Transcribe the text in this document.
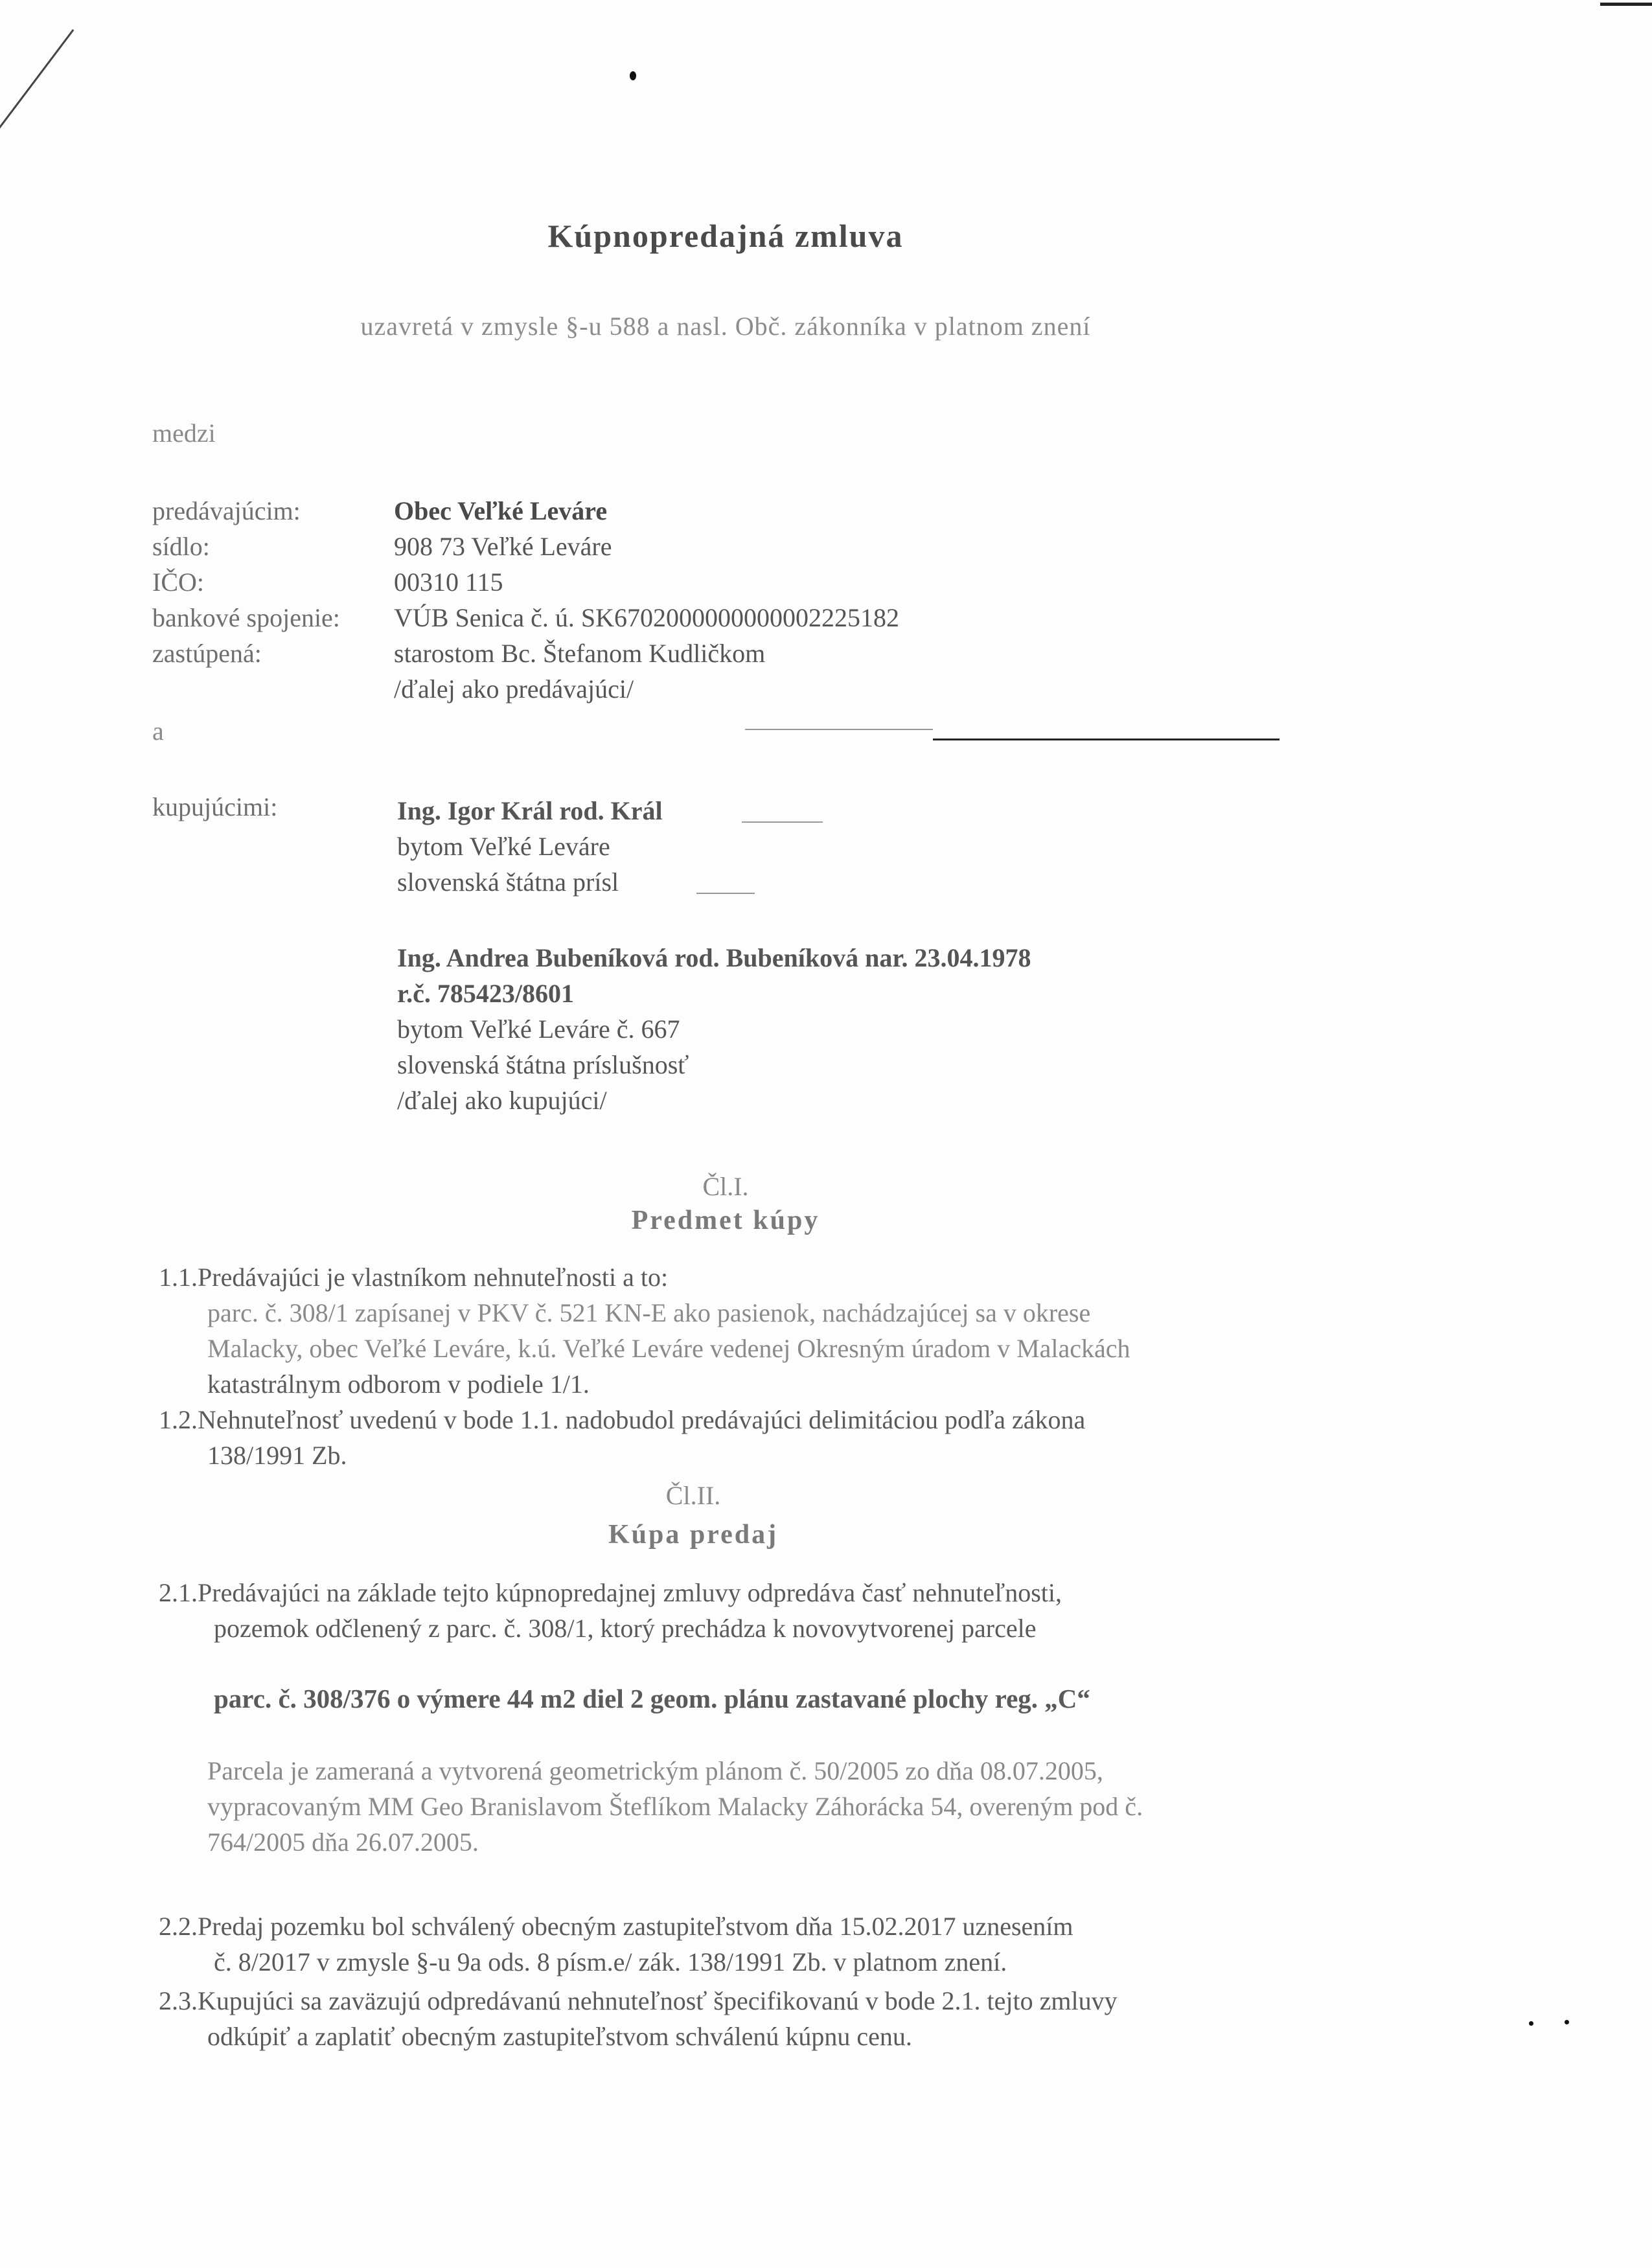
Kúpnopredajná zmluva
uzavretá v zmysle §-u 588 a nasl. Obč. zákonníka v platnom znení
medzi
predávajúcim:	Obec Veľké Leváre
sídlo:	908 73 Veľké Leváre
IČO:	00310 115
bankové spojenie: VÚB Senica č. ú. SK6702000000000002225182
zastúpená:	starostom Bc. Štefanom Kudličkom
/ďalej ako predávajúci/
a
kupujúcimi:	Ing. Igor Král rod. Král
bytom Veľké Leváre
slovenská štátna prísl
Ing. Andrea Bubeníková rod. Bubeníková nar. 23.04.1978
r.č. 785423/8601
bytom Veľké Leváre č. 667
slovenská štátna príslušnosť
/ďalej ako kupujúci/
Čl.I.
Predmet kúpy
1.1.Predávajúci je vlastníkom nehnuteľnosti a to:
parc. č. 308/1 zapísanej v PKV č. 521 KN-E ako pasienok, nachádzajúcej sa v okrese
Malacky, obec Veľké Leváre, k.ú. Veľké Leváre vedenej Okresným úradom v Malackách
katastrálnym odborom v podiele 1/1.
1.2.Nehnuteľnosť uvedenú v bode 1.1. nadobudol predávajúci delimitáciou podľa zákona
138/1991 Zb.
Čl.II.
Kúpa predaj
2.1.Predávajúci na základe tejto kúpnopredajnej zmluvy odpredáva časť nehnuteľnosti,
pozemok odčlenený z parc. č. 308/1, ktorý prechádza k novovytvorenej parcele
parc. č. 308/376 o výmere 44 m2 diel 2 geom. plánu zastavané plochy reg. „C“
Parcela je zameraná a vytvorená geometrickým plánom č. 50/2005 zo dňa 08.07.2005,
vypracovaným MM Geo Branislavom Šteflíkom Malacky Záhorácka 54, overeným pod č.
764/2005 dňa 26.07.2005.
2.2.Predaj pozemku bol schválený obecným zastupiteľstvom dňa 15.02.2017 uznesením
č. 8/2017 v zmysle §-u 9a ods. 8 písm.e/ zák. 138/1991 Zb. v platnom znení.
2.3.Kupujúci sa zaväzujú odpredávanú nehnuteľnosť špecifikovanú v bode 2.1. tejto zmluvy
odkúpiť a zaplatiť obecným zastupiteľstvom schválenú kúpnu cenu.
